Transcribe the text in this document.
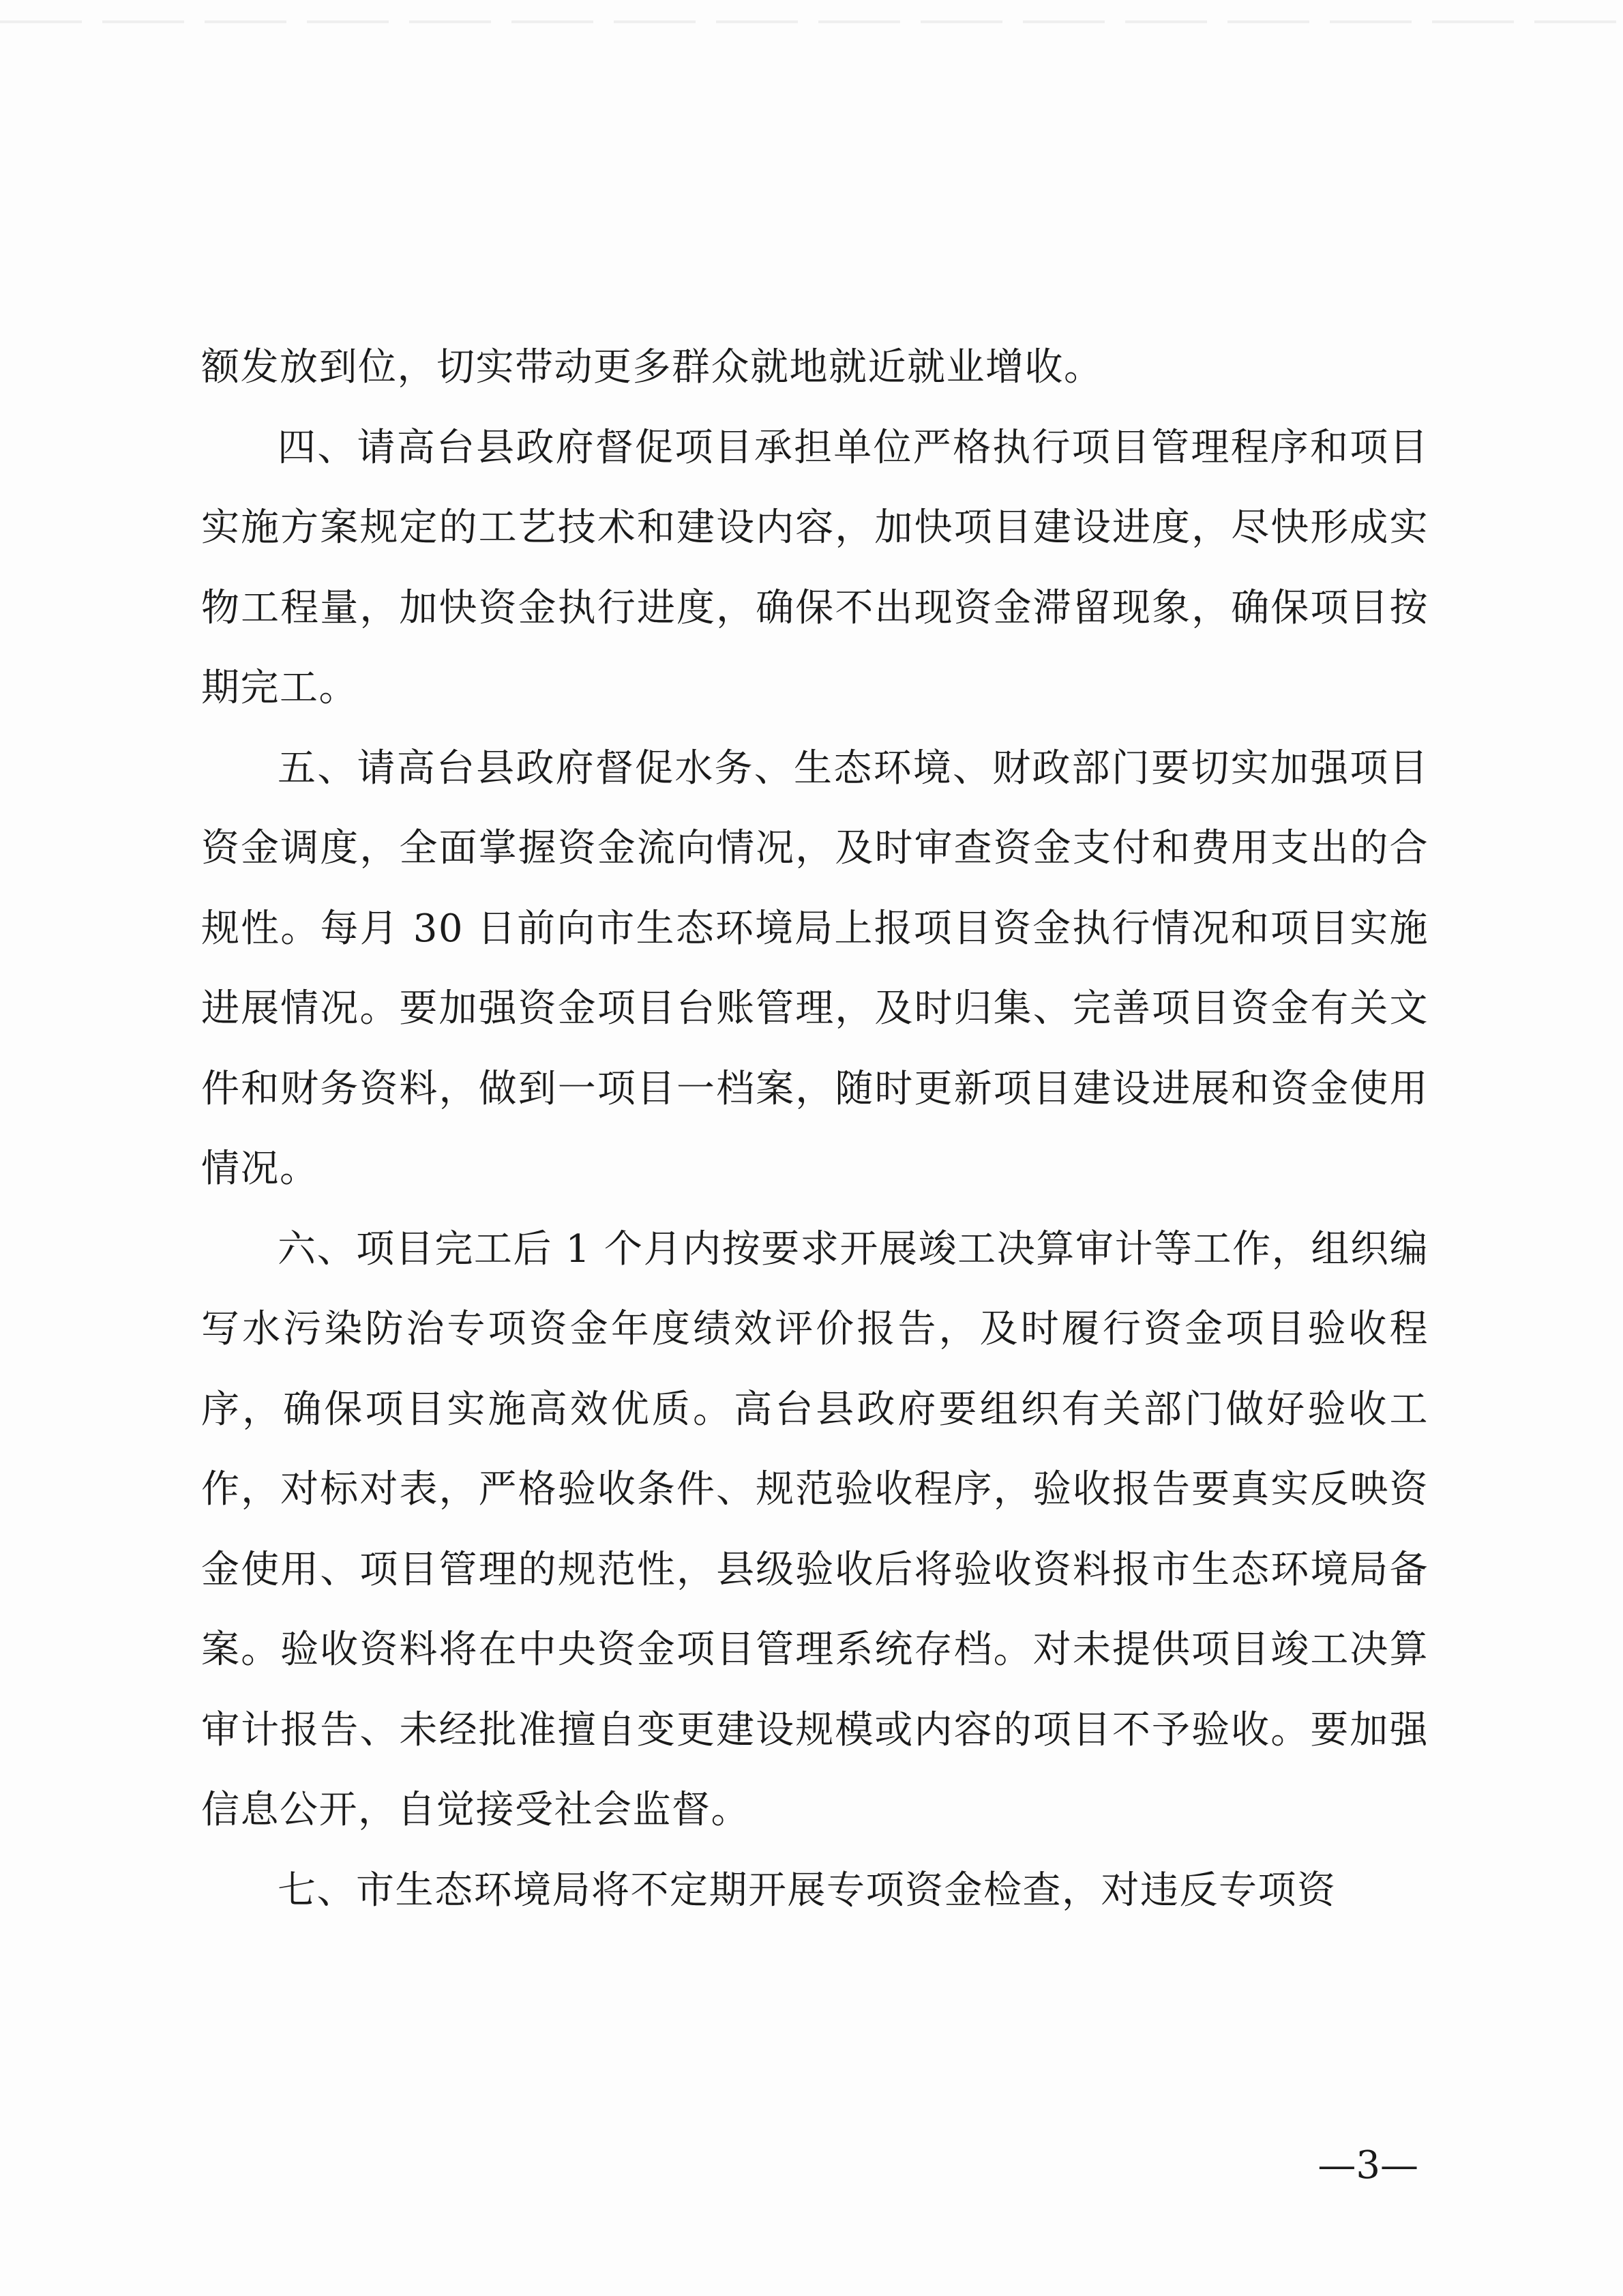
额发放到位，切实带动更多群众就地就近就业增收。

四、请高台县政府督促项目承担单位严格执行项目管理程序和项目实施方案规定的工艺技术和建设内容，加快项目建设进度，尽快形成实物工程量，加快资金执行进度，确保不出现资金滞留现象，确保项目按期完工。

五、请高台县政府督促水务、生态环境、财政部门要切实加强项目资金调度，全面掌握资金流向情况，及时审查资金支付和费用支出的合规性。每月 30 日前向市生态环境局上报项目资金执行情况和项目实施进展情况。要加强资金项目台账管理，及时归集、完善项目资金有关文件和财务资料，做到一项目一档案，随时更新项目建设进展和资金使用情况。

六、项目完工后 1 个月内按要求开展竣工决算审计等工作，组织编写水污染防治专项资金年度绩效评价报告，及时履行资金项目验收程序，确保项目实施高效优质。高台县政府要组织有关部门做好验收工作，对标对表，严格验收条件、规范验收程序，验收报告要真实反映资金使用、项目管理的规范性，县级验收后将验收资料报市生态环境局备案。验收资料将在中央资金项目管理系统存档。对未提供项目竣工决算审计报告、未经批准擅自变更建设规模或内容的项目不予验收。要加强信息公开，自觉接受社会监督。

七、市生态环境局将不定期开展专项资金检查，对违反专项资

—3—
